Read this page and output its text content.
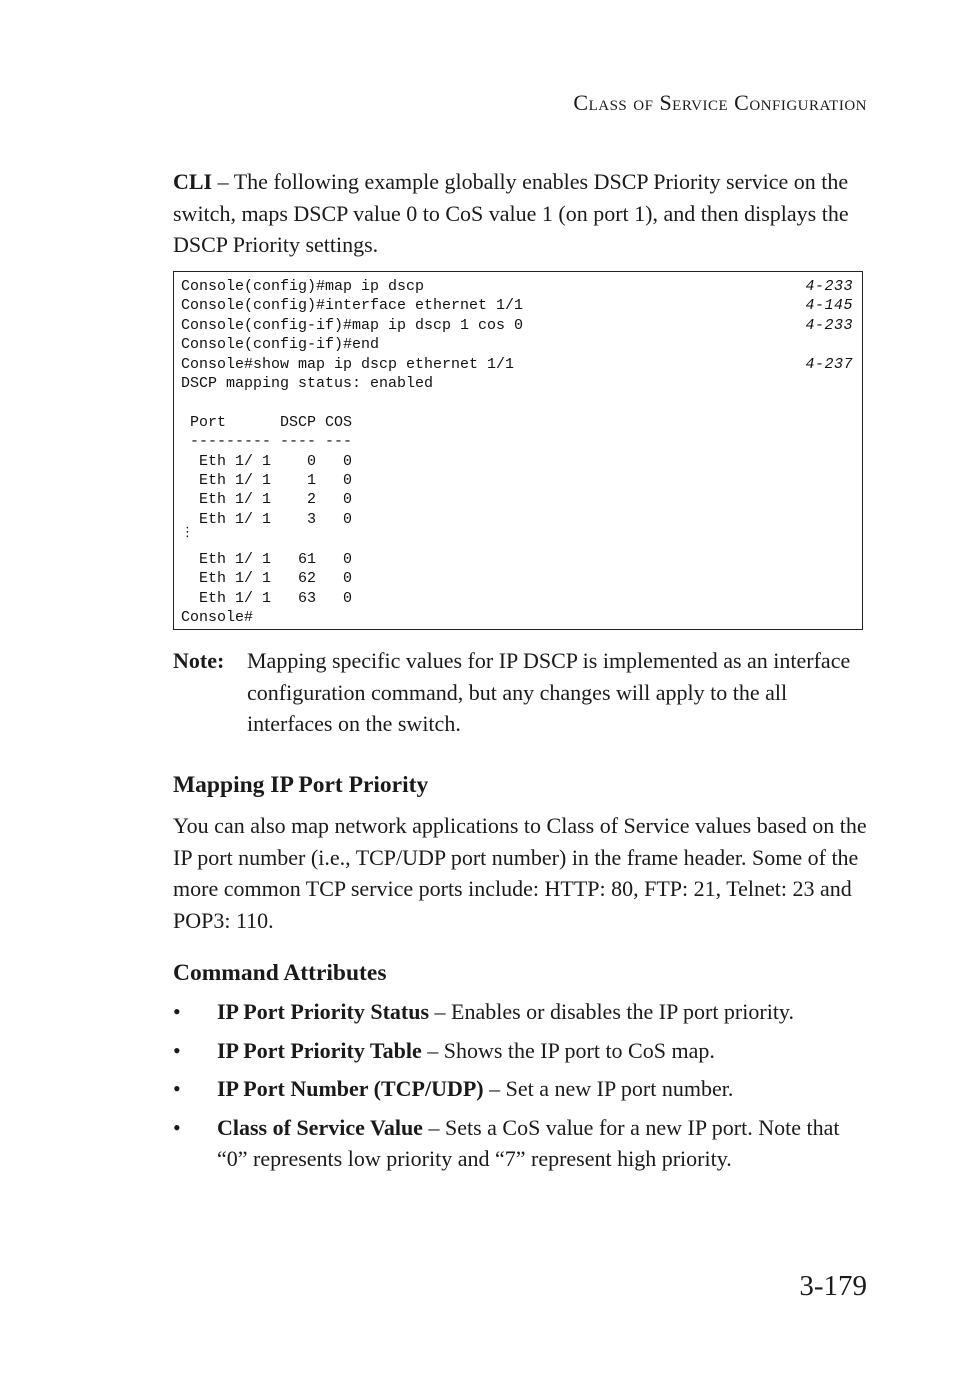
Class of Service Configuration

CLI – The following example globally enables DSCP Priority service on the switch, maps DSCP value 0 to CoS value 1 (on port 1), and then displays the DSCP Priority settings.

Console(config)#map ip dscp	4-233
Console(config)#interface ethernet 1/1	4-145
Console(config-if)#map ip dscp 1 cos 0	4-233
Console(config-if)#end
Console#show map ip dscp ethernet 1/1	4-237
DSCP mapping status: enabled
Port      DSCP COS
--------- ---- ---
Eth 1/ 1    0   0
Eth 1/ 1    1   0
Eth 1/ 1    2   0
Eth 1/ 1    3   0
⋮
Eth 1/ 1   61   0
Eth 1/ 1   62   0
Eth 1/ 1   63   0
Console#
Note: Mapping specific values for IP DSCP is implemented as an interface configuration command, but any changes will apply to the all interfaces on the switch.
Mapping IP Port Priority

You can also map network applications to Class of Service values based on the IP port number (i.e., TCP/UDP port number) in the frame header. Some of the more common TCP service ports include: HTTP: 80, FTP: 21, Telnet: 23 and POP3: 110.

Command Attributes
• IP Port Priority Status – Enables or disables the IP port priority.
• IP Port Priority Table – Shows the IP port to CoS map.
• IP Port Number (TCP/UDP) – Set a new IP port number.
• Class of Service Value – Sets a CoS value for a new IP port. Note that “0” represents low priority and “7” represent high priority.
3-179
